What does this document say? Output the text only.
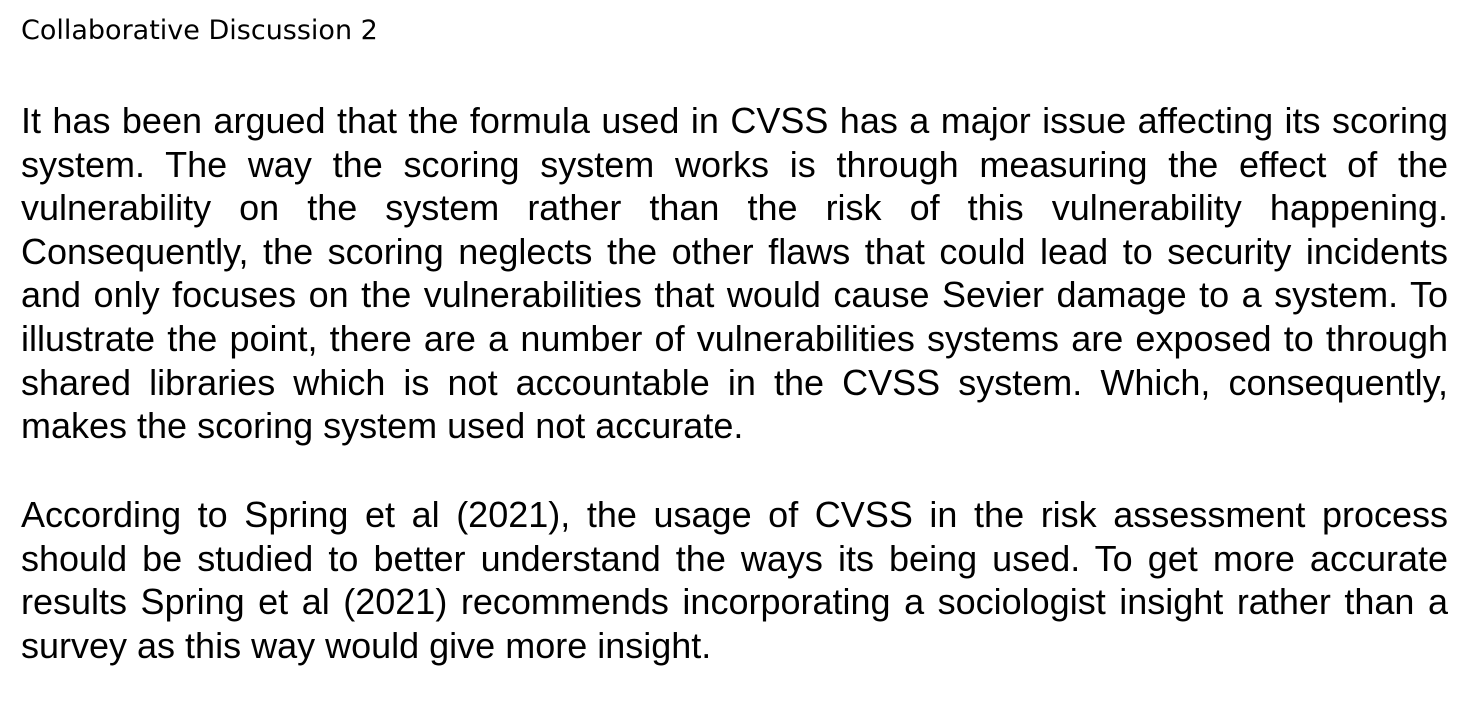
Collaborative Discussion 2

It has been argued that the formula used in CVSS has a major issue affecting its scoring system. The way the scoring system works is through measuring the effect of the vulnerability on the system rather than the risk of this vulnerability happening. Consequently, the scoring neglects the other flaws that could lead to security incidents and only focuses on the vulnerabilities that would cause Sevier damage to a system. To illustrate the point, there are a number of vulnerabilities systems are exposed to through shared libraries which is not accountable in the CVSS system. Which, consequently, makes the scoring system used not accurate.

According to Spring et al (2021), the usage of CVSS in the risk assessment process should be studied to better understand the ways its being used. To get more accurate results Spring et al (2021) recommends incorporating a sociologist insight rather than a survey as this way would give more insight.
